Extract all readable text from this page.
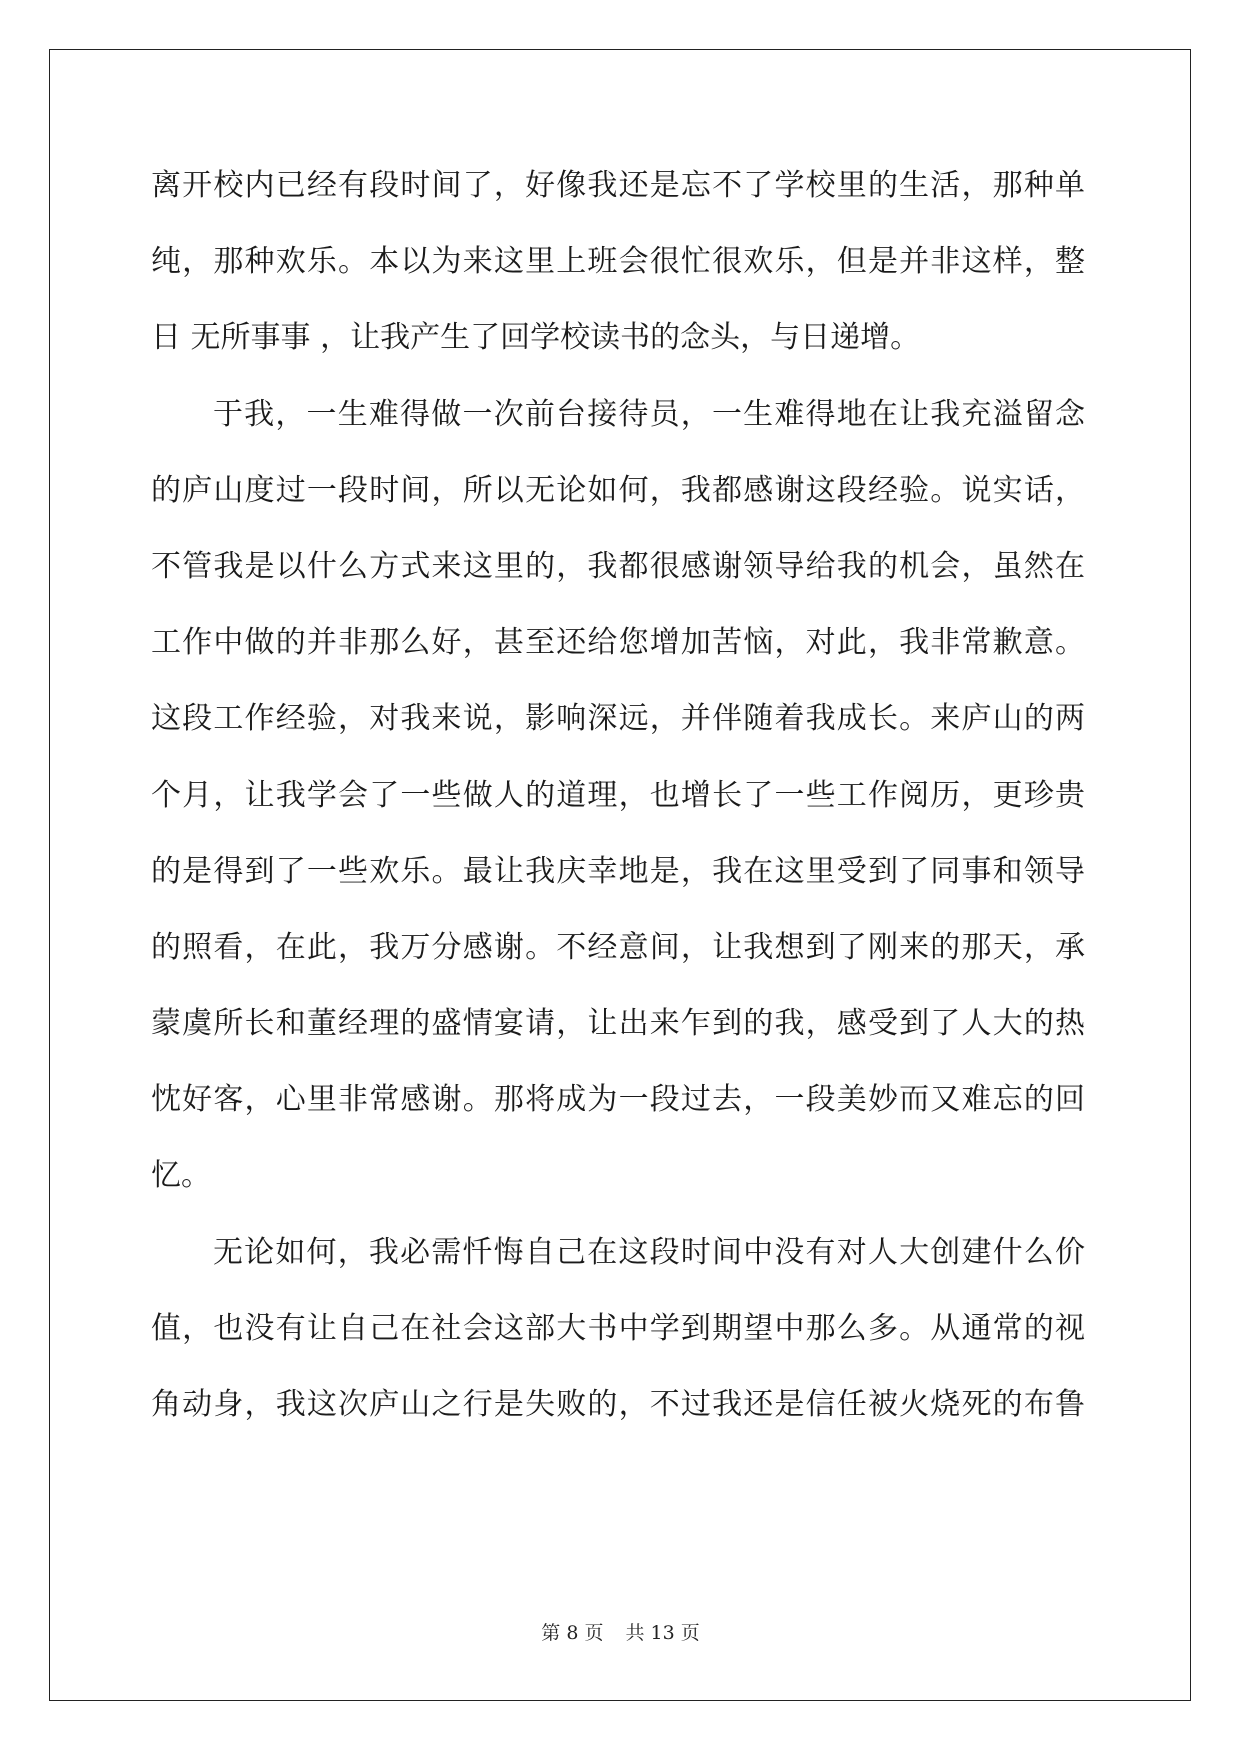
离开校内已经有段时间了，好像我还是忘不了学校里的生活，那种单
纯，那种欢乐。本以为来这里上班会很忙很欢乐，但是并非这样，整
日 无所事事 ，让我产生了回学校读书的念头，与日递增。
于我，一生难得做一次前台接待员，一生难得地在让我充溢留念
的庐山度过一段时间，所以无论如何，我都感谢这段经验。说实话，
不管我是以什么方式来这里的，我都很感谢领导给我的机会，虽然在
工作中做的并非那么好，甚至还给您增加苦恼，对此，我非常歉意。
这段工作经验，对我来说，影响深远，并伴随着我成长。来庐山的两
个月，让我学会了一些做人的道理，也增长了一些工作阅历，更珍贵
的是得到了一些欢乐。最让我庆幸地是，我在这里受到了同事和领导
的照看，在此，我万分感谢。不经意间，让我想到了刚来的那天，承
蒙虞所长和董经理的盛情宴请，让出来乍到的我，感受到了人大的热
忱好客，心里非常感谢。那将成为一段过去，一段美妙而又难忘的回
忆。
无论如何，我必需忏悔自己在这段时间中没有对人大创建什么价
值，也没有让自己在社会这部大书中学到期望中那么多。从通常的视
角动身，我这次庐山之行是失败的，不过我还是信任被火烧死的布鲁
第 8 页 共 13 页
